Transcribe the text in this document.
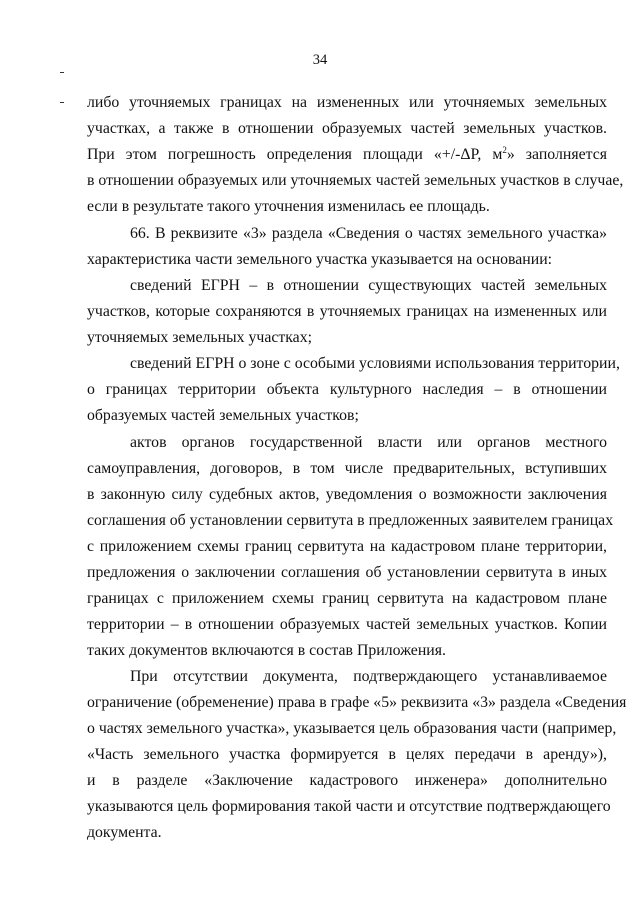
34
либо уточняемых границах на измененных или уточняемых земельных
участках, а также в отношении образуемых частей земельных участков.
При этом погрешность определения площади «+/-ΔР, $м^2$» заполняется
в отношении образуемых или уточняемых частей земельных участков в случае,
если в результате такого уточнения изменилась ее площадь.
66. В реквизите «3» раздела «Сведения о частях земельного участка»
характеристика части земельного участка указывается на основании:
сведений ЕГРН – в отношении существующих частей земельных
участков, которые сохраняются в уточняемых границах на измененных или
уточняемых земельных участках;
сведений ЕГРН о зоне с особыми условиями использования территории,
о границах территории объекта культурного наследия – в отношении
образуемых частей земельных участков;
актов органов государственной власти или органов местного
самоуправления, договоров, в том числе предварительных, вступивших
в законную силу судебных актов, уведомления о возможности заключения
соглашения об установлении сервитута в предложенных заявителем границах
с приложением схемы границ сервитута на кадастровом плане территории,
предложения о заключении соглашения об установлении сервитута в иных
границах с приложением схемы границ сервитута на кадастровом плане
территории – в отношении образуемых частей земельных участков. Копии
таких документов включаются в состав Приложения.
При отсутствии документа, подтверждающего устанавливаемое
ограничение (обременение) права в графе «5» реквизита «3» раздела «Сведения
о частях земельного участка», указывается цель образования части (например,
«Часть земельного участка формируется в целях передачи в аренду»),
и в разделе «Заключение кадастрового инженера» дополнительно
указываются цель формирования такой части и отсутствие подтверждающего
документа.
